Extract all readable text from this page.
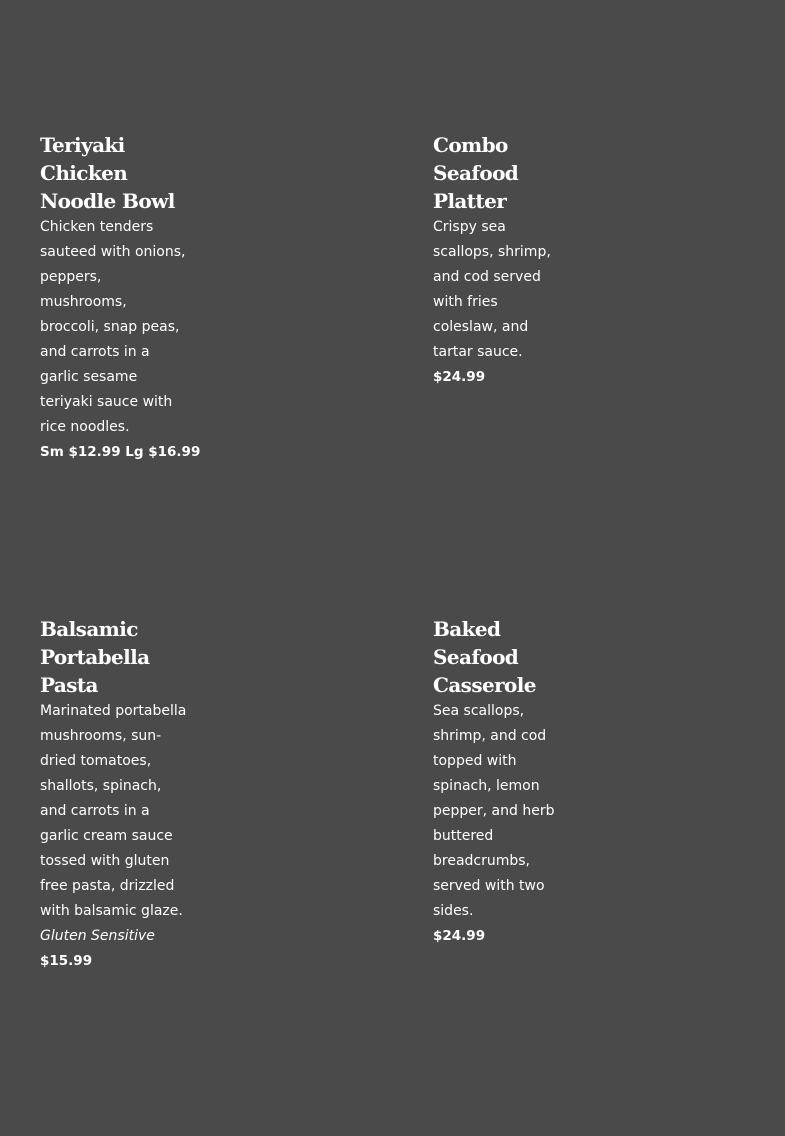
Teriyaki Chicken Noodle Bowl

Chicken tenders sauteed with onions, peppers, mushrooms, broccoli, snap peas, and carrots in a garlic sesame teriyaki sauce with rice noodles.

Sm $12.99 Lg $16.99

Combo Seafood Platter

Crispy sea scallops, shrimp, and cod served with fries coleslaw, and tartar sauce.

$24.99

Balsamic Portabella Pasta

Marinated portabella mushrooms, sun-dried tomatoes, shallots, spinach, and carrots in a garlic cream sauce tossed with gluten free pasta, drizzled with balsamic glaze.

Gluten Sensitive

$15.99

Baked Seafood Casserole

Sea scallops, shrimp, and cod topped with spinach, lemon pepper, and herb buttered breadcrumbs, served with two sides.

$24.99
